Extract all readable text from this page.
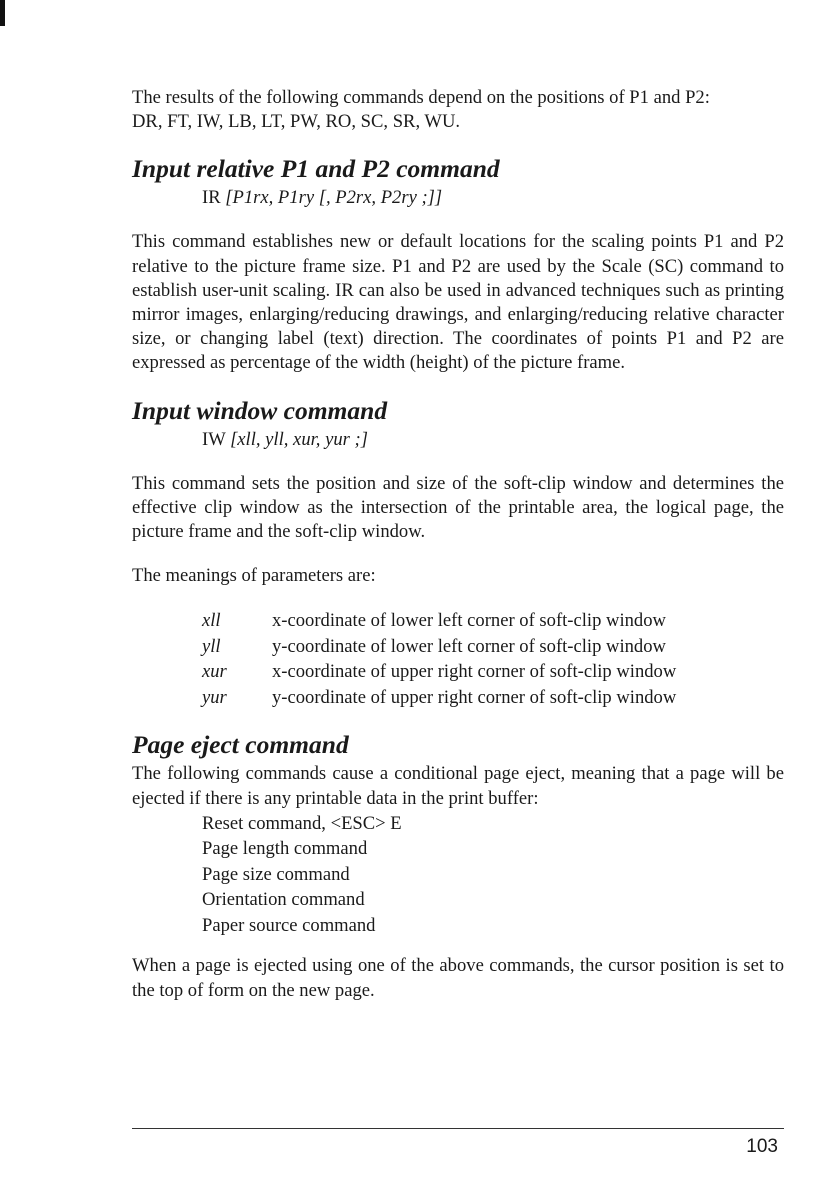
The results of the following commands depend on the positions of P1 and P2:
DR, FT, IW, LB, LT, PW, RO, SC, SR, WU.

Input relative P1 and P2 command
IR [P1rx, P1ry [, P2rx, P2ry ;]]

This command establishes new or default locations for the scaling points P1 and P2 relative to the picture frame size. P1 and P2 are used by the Scale (SC) command to establish user-unit scaling. IR can also be used in advanced techniques such as printing mirror images, enlarging/reducing drawings, and enlarging/reducing relative character size, or changing label (text) direction. The coordinates of points P1 and P2 are expressed as percentage of the width (height) of the picture frame.

Input window command
IW [xll, yll, xur, yur ;]

This command sets the position and size of the soft-clip window and determines the effective clip window as the intersection of the printable area, the logical page, the picture frame and the soft-clip window.

The meanings of parameters are:

xll	x-coordinate of lower left corner of soft-clip window
yll	y-coordinate of lower left corner of soft-clip window
xur	x-coordinate of upper right corner of soft-clip window
yur	y-coordinate of upper right corner of soft-clip window
Page eject command

The following commands cause a conditional page eject, meaning that a page will be ejected if there is any printable data in the print buffer:

Reset command, <ESC> E
Page length command
Page size command
Orientation command
Paper source command

When a page is ejected using one of the above commands, the cursor position is set to the top of form on the new page.

103
